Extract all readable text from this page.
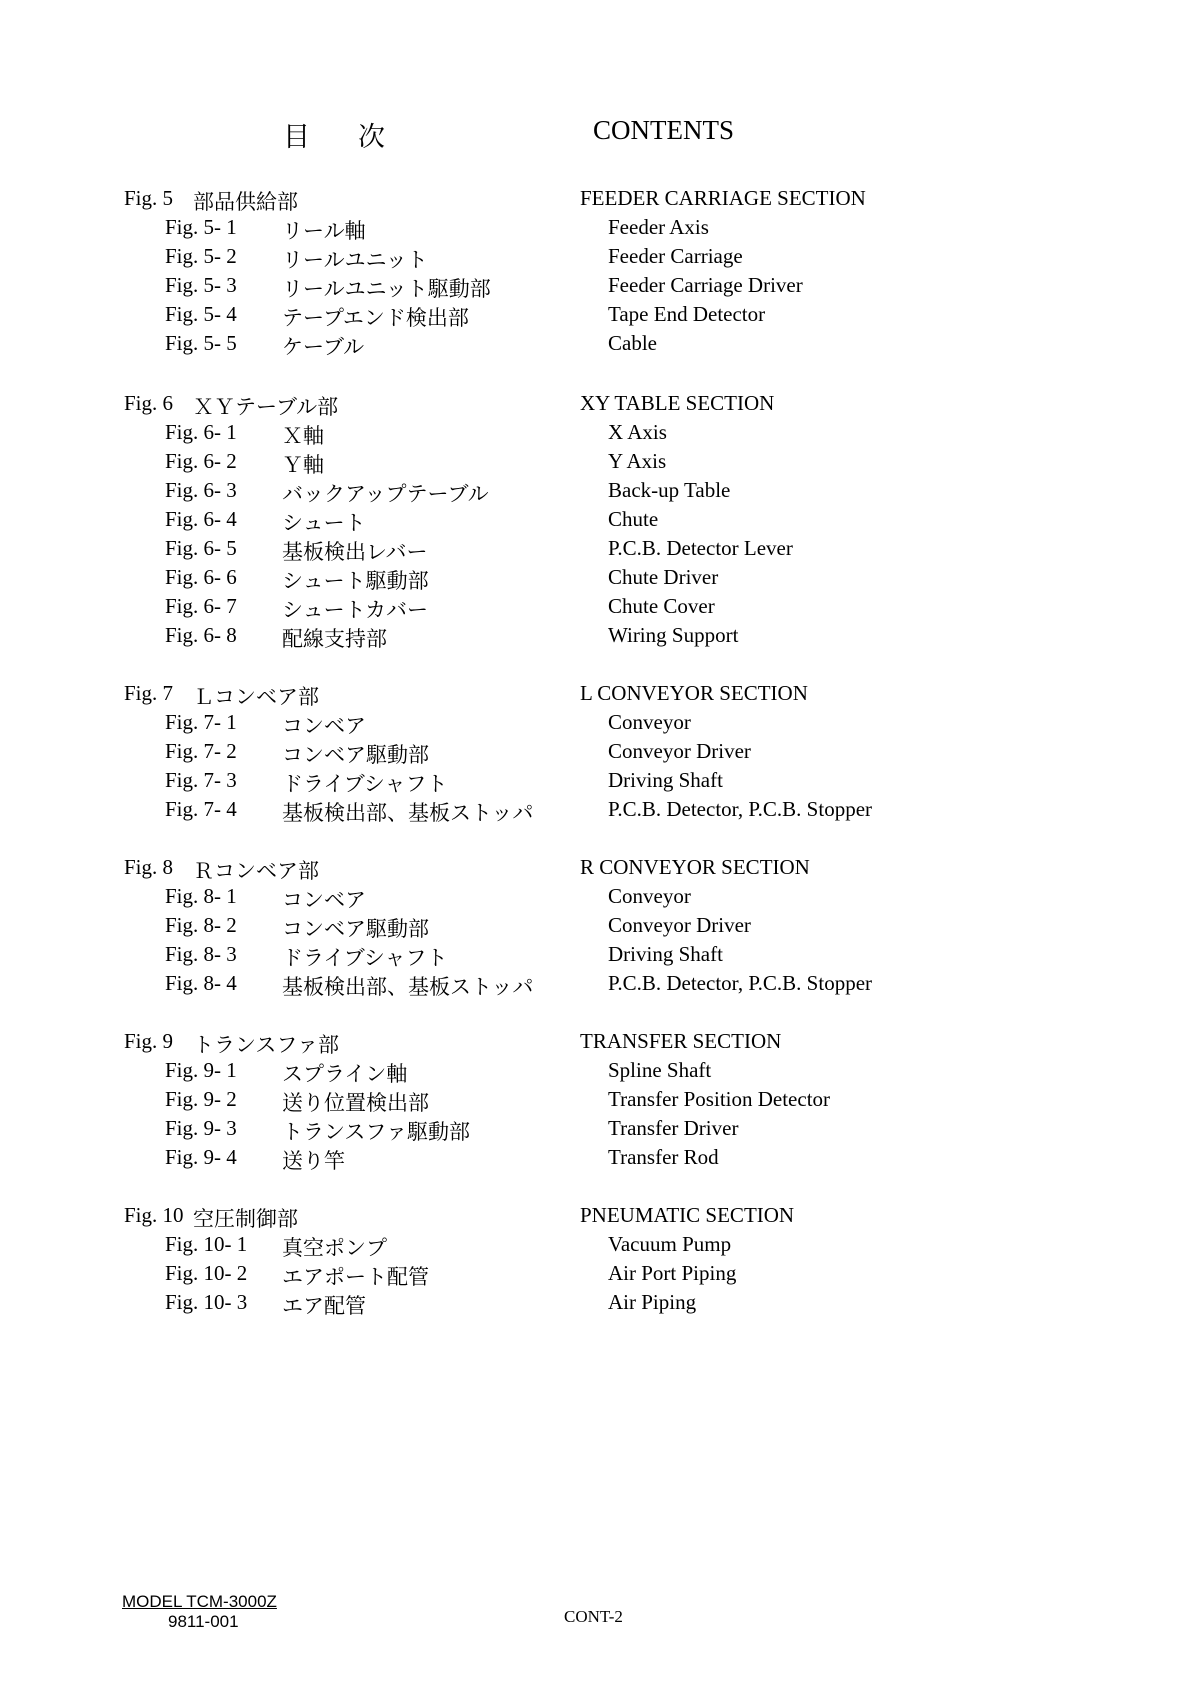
目 次	CONTENTS
Fig. 5 部品供給部	FEEDER CARRIAGE SECTION
Fig. 5- 1 リール軸	Feeder Axis
Fig. 5- 2 リールユニット	Feeder Carriage
Fig. 5- 3 リールユニット駆動部	Feeder Carriage Driver
Fig. 5- 4 テープエンド検出部	Tape End Detector
Fig. 5- 5 ケーブル	Cable
Fig. 6 ＸＹテーブル部	XY TABLE SECTION
Fig. 6- 1 Ｘ軸	X Axis
Fig. 6- 2 Ｙ軸	Y Axis
Fig. 6- 3 バックアップテーブル	Back-up Table
Fig. 6- 4 シュート	Chute
Fig. 6- 5 基板検出レバー	P.C.B. Detector Lever
Fig. 6- 6 シュート駆動部	Chute Driver
Fig. 6- 7 シュートカバー	Chute Cover
Fig. 6- 8 配線支持部	Wiring Support
Fig. 7 Ｌコンベア部	L CONVEYOR SECTION
Fig. 7- 1 コンベア	Conveyor
Fig. 7- 2 コンベア駆動部	Conveyor Driver
Fig. 7- 3 ドライブシャフト	Driving Shaft
Fig. 7- 4 基板検出部、基板ストッパ	P.C.B. Detector, P.C.B. Stopper
Fig. 8 Ｒコンベア部	R CONVEYOR SECTION
Fig. 8- 1 コンベア	Conveyor
Fig. 8- 2 コンベア駆動部	Conveyor Driver
Fig. 8- 3 ドライブシャフト	Driving Shaft
Fig. 8- 4 基板検出部、基板ストッパ	P.C.B. Detector, P.C.B. Stopper
Fig. 9 トランスファ部	TRANSFER SECTION
Fig. 9- 1 スプライン軸	Spline Shaft
Fig. 9- 2 送り位置検出部	Transfer Position Detector
Fig. 9- 3 トランスファ駆動部	Transfer Driver
Fig. 9- 4 送り竿	Transfer Rod
Fig. 10 空圧制御部	PNEUMATIC SECTION
Fig. 10- 1 真空ポンプ	Vacuum Pump
Fig. 10- 2 エアポート配管	Air Port Piping
Fig. 10- 3 エア配管	Air Piping
MODEL TCM-3000Z
9811-001	CONT-2
